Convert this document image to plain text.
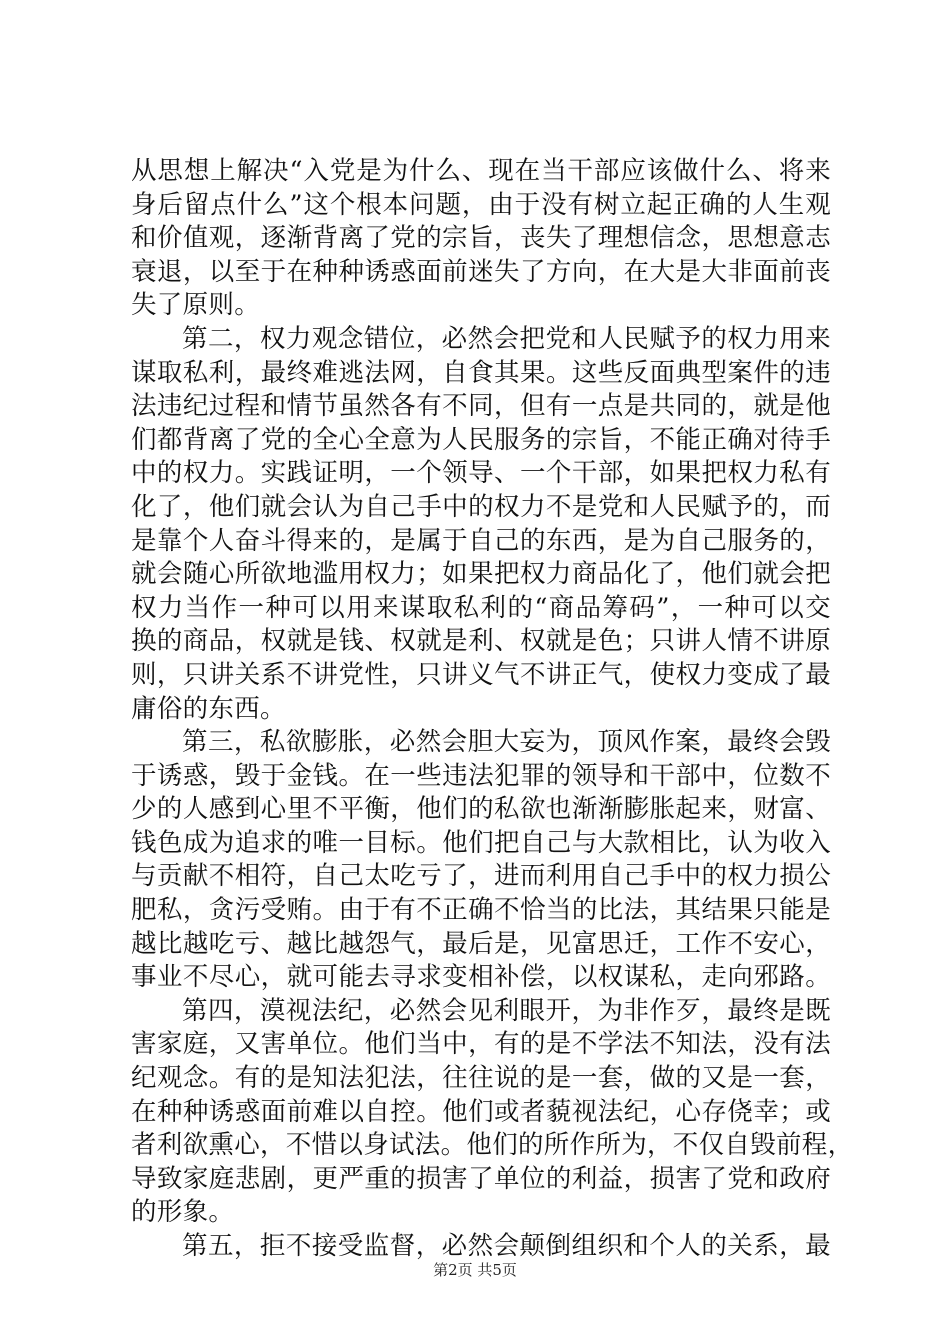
从思想上解决“入党是为什么、现在当干部应该做什么、将来
身后留点什么”这个根本问题，由于没有树立起正确的人生观
和价值观，逐渐背离了党的宗旨，丧失了理想信念，思想意志
衰退，以至于在种种诱惑面前迷失了方向，在大是大非面前丧
失了原则。
第二，权力观念错位，必然会把党和人民赋予的权力用来
谋取私利，最终难逃法网，自食其果。这些反面典型案件的违
法违纪过程和情节虽然各有不同，但有一点是共同的，就是他
们都背离了党的全心全意为人民服务的宗旨，不能正确对待手
中的权力。实践证明，一个领导、一个干部，如果把权力私有
化了，他们就会认为自己手中的权力不是党和人民赋予的，而
是靠个人奋斗得来的，是属于自己的东西，是为自己服务的，
就会随心所欲地滥用权力；如果把权力商品化了，他们就会把
权力当作一种可以用来谋取私利的“商品筹码”，一种可以交
换的商品，权就是钱、权就是利、权就是色；只讲人情不讲原
则，只讲关系不讲党性，只讲义气不讲正气，使权力变成了最
庸俗的东西。
第三，私欲膨胀，必然会胆大妄为，顶风作案，最终会毁
于诱惑，毁于金钱。在一些违法犯罪的领导和干部中，位数不
少的人感到心里不平衡，他们的私欲也渐渐膨胀起来，财富、
钱色成为追求的唯一目标。他们把自己与大款相比，认为收入
与贡献不相符，自己太吃亏了，进而利用自己手中的权力损公
肥私，贪污受贿。由于有不正确不恰当的比法，其结果只能是
越比越吃亏、越比越怨气，最后是，见富思迁，工作不安心，
事业不尽心，就可能去寻求变相补偿，以权谋私，走向邪路。
第四，漠视法纪，必然会见利眼开，为非作歹，最终是既
害家庭，又害单位。他们当中，有的是不学法不知法，没有法
纪观念。有的是知法犯法，往往说的是一套，做的又是一套，
在种种诱惑面前难以自控。他们或者藐视法纪，心存侥幸；或
者利欲熏心，不惜以身试法。他们的所作所为，不仅自毁前程，
导致家庭悲剧，更严重的损害了单位的利益，损害了党和政府
的形象。
第五，拒不接受监督，必然会颠倒组织和个人的关系，最
第2页 共5页
